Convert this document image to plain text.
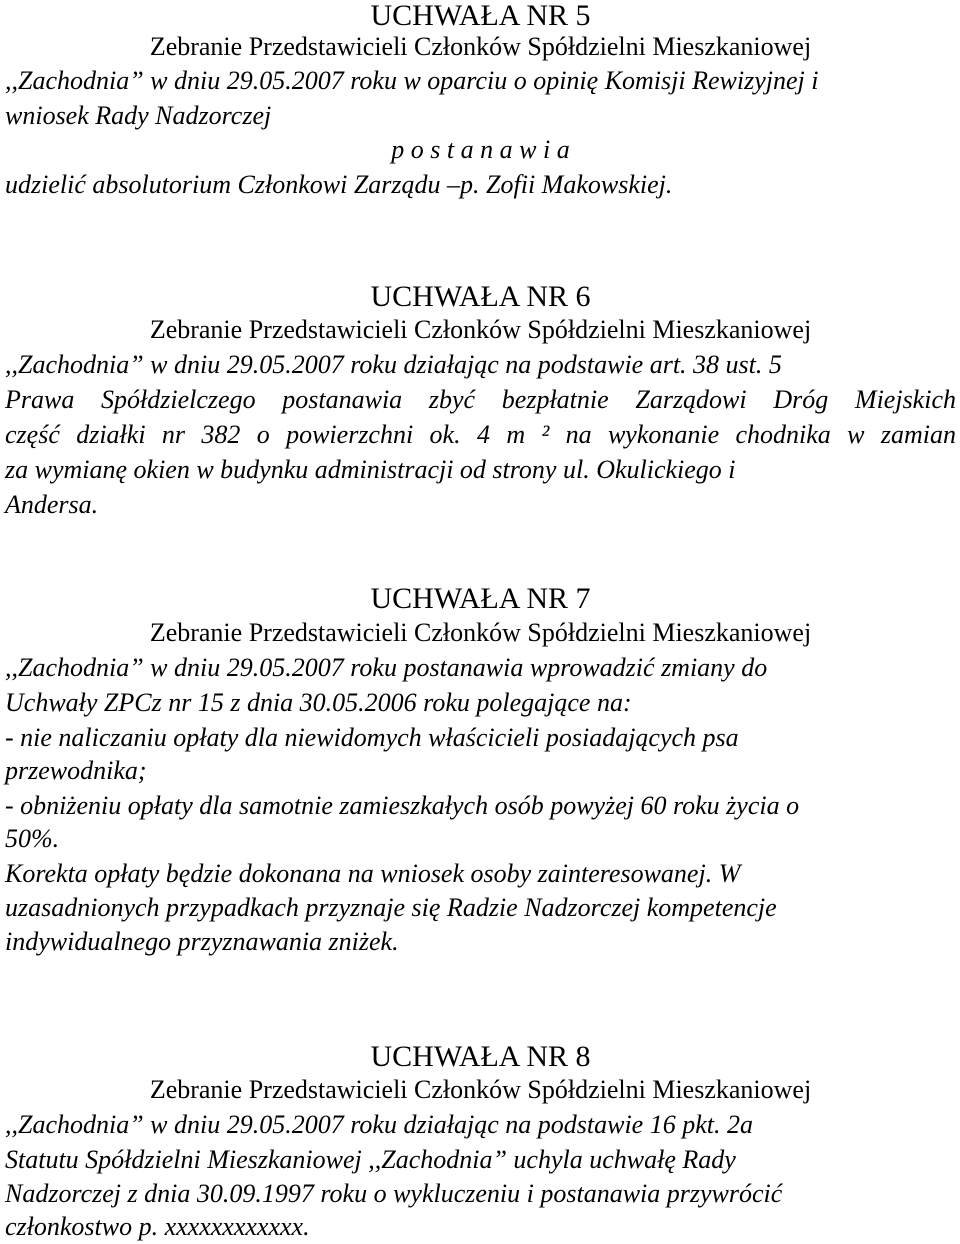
UCHWAŁA NR 5
Zebranie Przedstawicieli Członków Spółdzielni Mieszkaniowej
,,Zachodnia” w dniu 29.05.2007 roku w oparciu o opinię Komisji Rewizyjnej i
wniosek Rady Nadzorczej
p o s t a n a w i a
udzielić absolutorium Członkowi Zarządu –p. Zofii Makowskiej.
UCHWAŁA NR 6
Zebranie Przedstawicieli Członków Spółdzielni Mieszkaniowej
,,Zachodnia” w dniu 29.05.2007 roku działając na podstawie art. 38 ust. 5
Prawa Spółdzielczego postanawia zbyć bezpłatnie Zarządowi Dróg Miejskich
część działki nr 382 o powierzchni ok. 4 m ² na wykonanie chodnika w zamian
za wymianę okien w budynku administracji od strony ul. Okulickiego i
Andersa.
UCHWAŁA NR 7
Zebranie Przedstawicieli Członków Spółdzielni Mieszkaniowej
,,Zachodnia” w dniu 29.05.2007 roku postanawia wprowadzić zmiany do
Uchwały ZPCz nr 15 z dnia 30.05.2006 roku polegające na:
- nie naliczaniu opłaty dla niewidomych właścicieli posiadających psa
przewodnika;
- obniżeniu opłaty dla samotnie zamieszkałych osób powyżej 60 roku życia o
50%.
Korekta opłaty będzie dokonana na wniosek osoby zainteresowanej. W
uzasadnionych przypadkach przyznaje się Radzie Nadzorczej kompetencje
indywidualnego przyznawania zniżek.
UCHWAŁA NR 8
Zebranie Przedstawicieli Członków Spółdzielni Mieszkaniowej
,,Zachodnia” w dniu 29.05.2007 roku działając na podstawie 16 pkt. 2a
Statutu Spółdzielni Mieszkaniowej ,,Zachodnia” uchyla uchwałę Rady
Nadzorczej z dnia 30.09.1997 roku o wykluczeniu i postanawia przywrócić
członkostwo p. xxxxxxxxxxxx.
